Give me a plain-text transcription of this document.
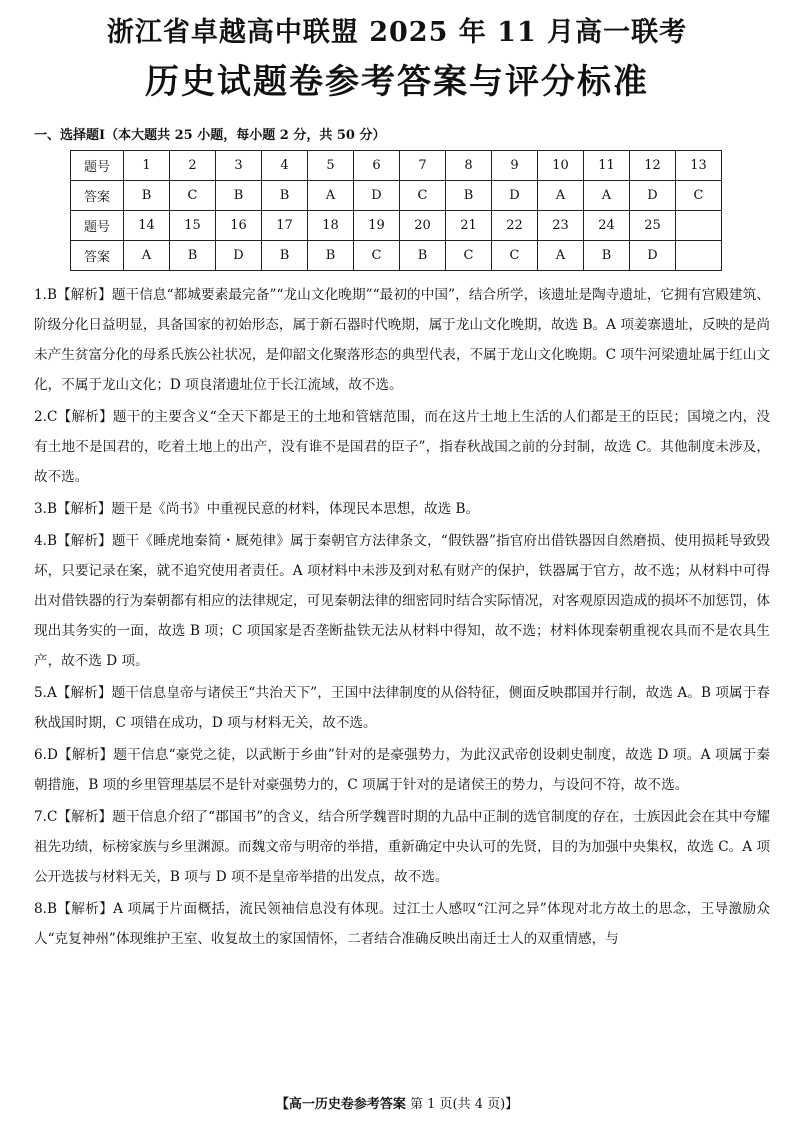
浙江省卓越高中联盟 2025 年 11 月高一联考
历史试题卷参考答案与评分标准
一、选择题Ⅰ（本大题共 25 小题，每小题 2 分，共 50 分）
题号	1	2	3	4	5	6	7	8	9	10	11	12	13
答案	B	C	B	B	A	D	C	B	D	A	A	D	C
题号	14	15	16	17	18	19	20	21	22	23	24	25	
答案	A	B	D	B	B	C	B	C	C	A	B	D	

1.B【解析】题干信息“都城要素最完备”“龙山文化晚期”“最初的中国”，结合所学，该遗址是陶寺遗址，它拥有宫殿建筑、阶级分化日益明显，具备国家的初始形态，属于新石器时代晚期，属于龙山文化晚期，故选 B。A 项姜寨遗址，反映的是尚未产生贫富分化的母系氏族公社状况，是仰韶文化聚落形态的典型代表，不属于龙山文化晚期。C 项牛河梁遗址属于红山文化，不属于龙山文化；D 项良渚遗址位于长江流域，故不选。

2.C【解析】题干的主要含义“全天下都是王的土地和管辖范围，而在这片土地上生活的人们都是王的臣民；国境之内，没有土地不是国君的，吃着土地上的出产，没有谁不是国君的臣子”，指春秋战国之前的分封制，故选 C。其他制度未涉及，故不选。

3.B【解析】题干是《尚书》中重视民意的材料，体现民本思想，故选 B。

4.B【解析】题干《睡虎地秦简・厩苑律》属于秦朝官方法律条文，“假铁器”指官府出借铁器因自然磨损、使用损耗导致毁坏，只要记录在案，就不追究使用者责任。A 项材料中未涉及到对私有财产的保护，铁器属于官方，故不选；从材料中可得出对借铁器的行为秦朝都有相应的法律规定，可见秦朝法律的细密同时结合实际情况，对客观原因造成的损坏不加惩罚，体现出其务实的一面，故选 B 项；C 项国家是否垄断盐铁无法从材料中得知，故不选；材料体现秦朝重视农具而不是农具生产，故不选 D 项。

5.A【解析】题干信息皇帝与诸侯王“共治天下”，王国中法律制度的从俗特征，侧面反映郡国并行制，故选 A。B 项属于春秋战国时期，C 项错在成功，D 项与材料无关，故不选。

6.D【解析】题干信息“豪党之徒，以武断于乡曲”针对的是豪强势力，为此汉武帝创设刺史制度，故选 D 项。A 项属于秦朝措施，B 项的乡里管理基层不是针对豪强势力的，C 项属于针对的是诸侯王的势力，与设问不符，故不选。

7.C【解析】题干信息介绍了“郡国书”的含义，结合所学魏晋时期的九品中正制的选官制度的存在，士族因此会在其中夸耀祖先功绩，标榜家族与乡里渊源。而魏文帝与明帝的举措，重新确定中央认可的先贤，目的为加强中央集权，故选 C。A 项公开选拔与材料无关，B 项与 D 项不是皇帝举措的出发点，故不选。

8.B【解析】A 项属于片面概括，流民领袖信息没有体现。过江士人感叹“江河之异”体现对北方故土的思念，王导激励众人“克复神州”体现维护王室、收复故土的家国情怀，二者结合准确反映出南迁士人的双重情感，与

【高一历史卷参考答案 第 1 页(共 4 页)】
